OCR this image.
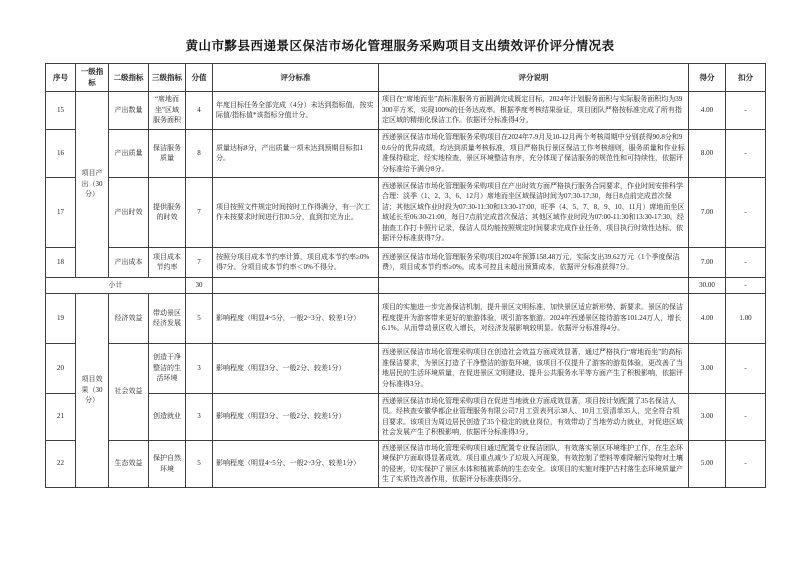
黄山市黟县西递景区保洁市场化管理服务采购项目支出绩效评价评分情况表
序号	一级指标	二级指标	三级指标	分值	评分标准	评分说明	得分	扣分
15	项目产出（30分）	产出数量	“席地而坐”区域服务面积	4	年度目标任务全部完成（4分）未达到指标值，按实际值/指标值*该指标分值计分。	项目在“席地而坐”高标准服务方面圆满完成既定目标，2024年计划服务面积与实际服务面积均为39300平方米，实现100%的任务达成率。根据季度考核结果验证，项目团队严格按标准完成了所有指定区域的精细化保洁工作。依据评分标准得4分。	4.00	-
16		产出质量	保洁服务质量	8	质量达标8分，产出质量一项未达到预期目标扣1分。	西递景区保洁市场化管理服务采购项目在2024年7-9月及10-12月两个考核周期中分别获得90.8分和90.6分的优异成绩，均达到质量考核标准，项目严格执行景区保洁工作考核细则，服务质量和作业标准保持稳定，经实地检查，景区环境整洁有序，充分体现了保洁服务的规范性和可持续性，依据评分标准给予满分8分。	8.00	-
17		产出时效	提供服务的时效	7	项目按照文件规定时间按时工作得满分，有一次工作未按要求时间进行扣0.5分，直到扣完为止。	西递景区保洁市场化管理服务采购项目在产出时效方面严格执行服务合同要求，作业时间安排科学合理：淡季（1、2、3、6、12月）席地而坐区域保洁时间为07:30-17:30，每日8点前完成首次保洁；其他区域作业时段为07:30-11:30和13:30-17:00，旺季（4、5、7、8、9、10、11月）席地而坐区域延长至06:30-21:00，每日7点前完成首次保洁；其他区域作业时段为07:00-11:30和13:30-17:30。经抽查工作打卡照片记录，保洁人员均能按照规定时间要求完成作业任务，项目执行时效性达标，依据评分标准获得7分。	7.00	-
18		产出成本	项目成本节约率	7	按照分项目成本节约率计算，项目成本节约率≥0%得7分。分项目成本节约率＜0%不得分。	西递景区保洁市场化管理服务采购项目2024年预算158.48万元，实际支出39.62万元（1个季度保洁费），项目成本节约率≥0%。成本可控且未超出预算成本，依据评分标准获得7分。	7.00	-
小计				30			30.00	-
19	项目效果（30分）	经济效益	带动景区经济发展	5	影响程度（明显4~5分，一般2~3分、较差1分）	项目的实施进一步完善保洁机制，提升景区文明标准，加快景区适应新形势、新要求。景区的保洁程度提升为游客带来更好的旅游体验，吸引游客旅游。2024年西递景区接待游客101.24万人，增长6.1%。从而带动景区收入增长，对经济发展影响较明显。依据评分标准得4分。	4.00	1.00
20		社会效益	创造干净整洁的生活环境	3	影响程度（明显3分、一般2分、较差1分）	西递景区保洁市场化管理采购项目在创造社会效益方面成效显著，通过严格执行“席地而坐”的高标准保洁要求，为景区打造了干净整洁的游览环境，该项目不仅提升了游客的游览体验，更改善了当地居民的生活环境质量，在促进景区文明建设、提升公共服务水平等方面产生了积极影响，依据评分标准得3分。	3.00	-
21			创造就业	3	影响程度（明显3分、一般2分、较差1分）	西递景区保洁市场化管理采购项目在促进当地就业方面成效显著，项目按计划配置了35名保洁人员。经核查安徽华都企业管理服务有限公司7月工资表列示38人、10月工资清单35人，完全符合项目要求。该项目为周边居民创造了35个稳定的就业岗位，有效带动了当地劳动力就业，对促进区域社会发展产生了积极影响，依据评分标准得3分。	3.00	-
22		生态效益	保护自然环境	5	影响程度（明显4~5分、一般2~3分、较差1分）	西递景区保洁市场化管理采购项目通过配置专业保洁团队，有效落实景区环境维护工作，在生态环境保护方面取得显著成效。项目重点减少了垃圾入河现象，有效控制了塑料等难降解污染物对土壤的侵害，切实保护了景区水体和植被系统的生态安全。该项目的实施对维护古村落生态环境质量产生了实质性改善作用，依据评分标准获得5分。	5.00	-
